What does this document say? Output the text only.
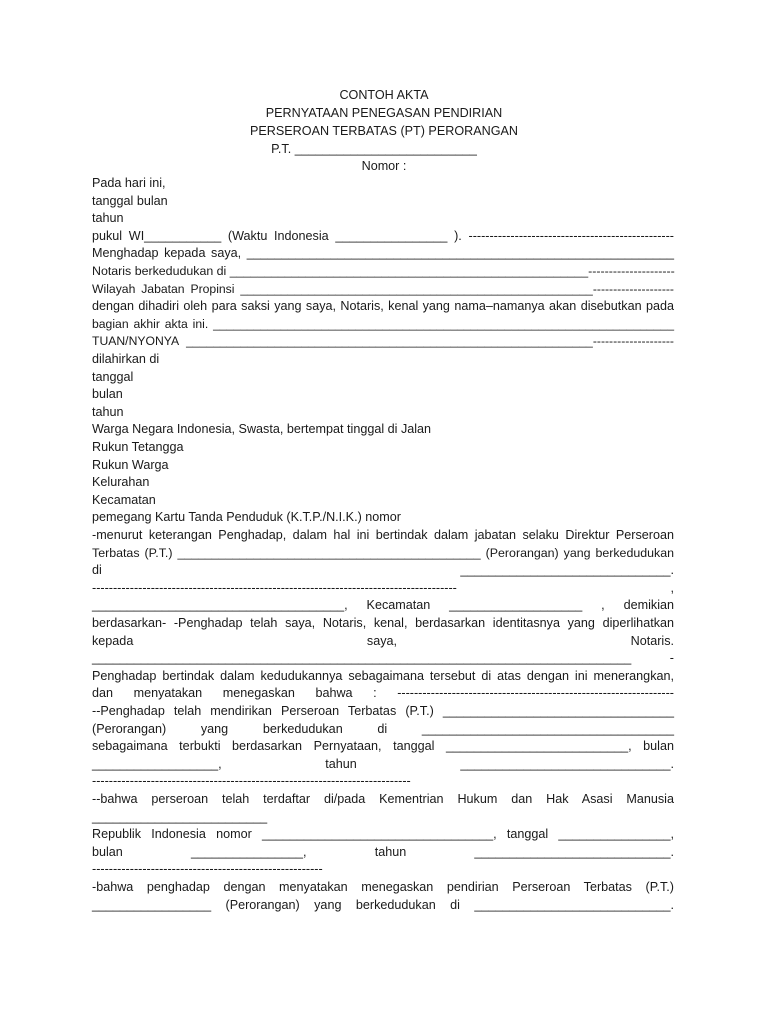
CONTOH AKTA
PERNYATAAN PENEGASAN PENDIRIAN
PERSEROAN TERBATAS (PT) PERORANGAN
P.T. __________________________
Nomor :
Pada hari ini,
tanggal bulan
tahun
pukul WI___________ (Waktu Indonesia ________________ ). -------------------------------------------------
Menghadap kepada saya, _____________________________________________________________
Notaris berkedudukan di ____________________________________________________---------------------
Wilayah Jabatan Propinsi ____________________________________________________--------------------
dengan dihadiri oleh para saksi yang saya, Notaris, kenal yang nama–namanya akan disebutkan pada
bagian akhir akta ini. ____________________________________________________________________
TUAN/NYONYA ____________________________________________________________--------------------
dilahirkan di
tanggal
bulan
tahun
Warga Negara Indonesia, Swasta, bertempat tinggal di Jalan
Rukun Tetangga
Rukun Warga
Kelurahan
Kecamatan
pemegang Kartu Tanda Penduduk (K.T.P./N.I.K.) nomor
-menurut keterangan Penghadap, dalam hal ini bertindak dalam jabatan selaku Direktur Perseroan
Terbatas (P.T.) ____________________________________________ (Perorangan) yang berkedudukan
di ______________________________.
--------------------------------------------------------------------------------------- ,
____________________________________, Kecamatan ___________________ , demikian
berdasarkan- -Penghadap telah saya, Notaris, kenal, berdasarkan identitasnya yang diperlihatkan
kepada saya, Notaris.
_____________________________________________________________________________ -
Penghadap bertindak dalam kedudukannya sebagaimana tersebut di atas dengan ini menerangkan,
dan menyatakan menegaskan bahwa : ------------------------------------------------------------------
--Penghadap telah mendirikan Perseroan Terbatas (P.T.) _________________________________
(Perorangan) yang berkedudukan di ____________________________________
sebagaimana terbukti berdasarkan Pernyataan, tanggal __________________________, bulan
__________________, tahun ______________________________.
----------------------------------------------------------------------------
--bahwa perseroan telah terdaftar di/pada Kementrian Hukum dan Hak Asasi Manusia
_________________________
Republik Indonesia nomor _________________________________, tanggal ________________,
bulan ________________, tahun ____________________________.
-------------------------------------------------------
-bahwa penghadap dengan menyatakan menegaskan pendirian Perseroan Terbatas (P.T.)
_________________ (Perorangan) yang berkedudukan di ____________________________.
